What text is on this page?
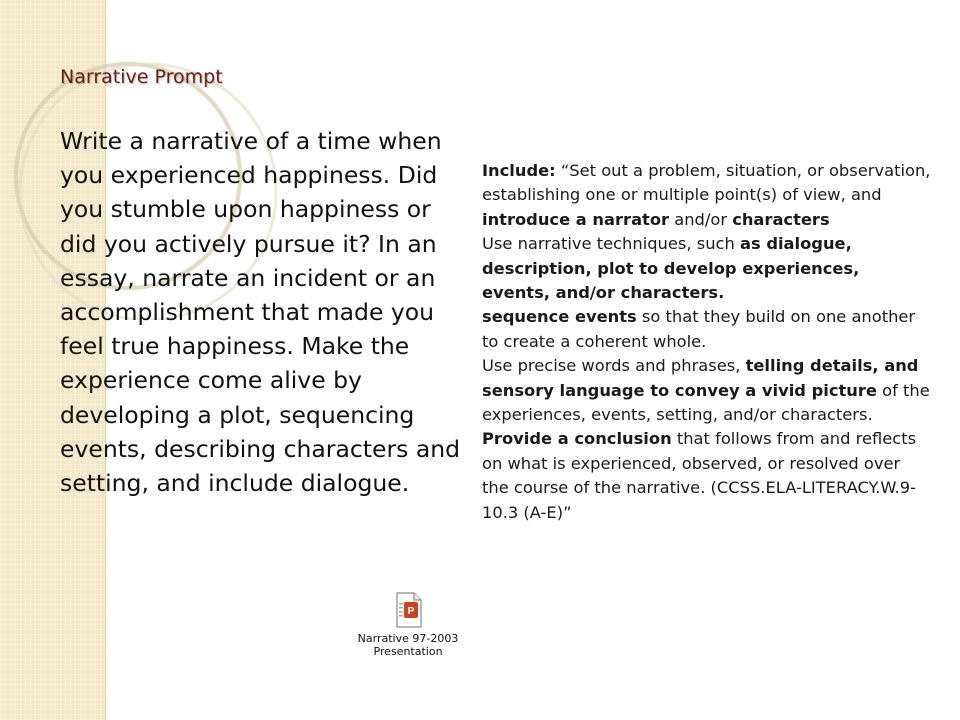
Narrative Prompt
Write a narrative of a time when you experienced happiness. Did you stumble upon happiness or did you actively pursue it? In an essay, narrate an incident or an accomplishment that made you feel true happiness. Make the experience come alive by developing a plot, sequencing events, describing characters and setting, and include dialogue.
Include: “Set out a problem, situation, or observation, establishing one or multiple point(s) of view, and introduce a narrator and/or characters
Use narrative techniques, such as dialogue, description, plot to develop experiences, events, and/or characters.
sequence events so that they build on one another to create a coherent whole.
Use precise words and phrases, telling details, and sensory language to convey a vivid picture of the experiences, events, setting, and/or characters.
Provide a conclusion that follows from and reflects on what is experienced, observed, or resolved over the course of the narrative. (CCSS.ELA-LITERACY.W.9-10.3 (A-E)”
P
Narrative 97-2003
Presentation
